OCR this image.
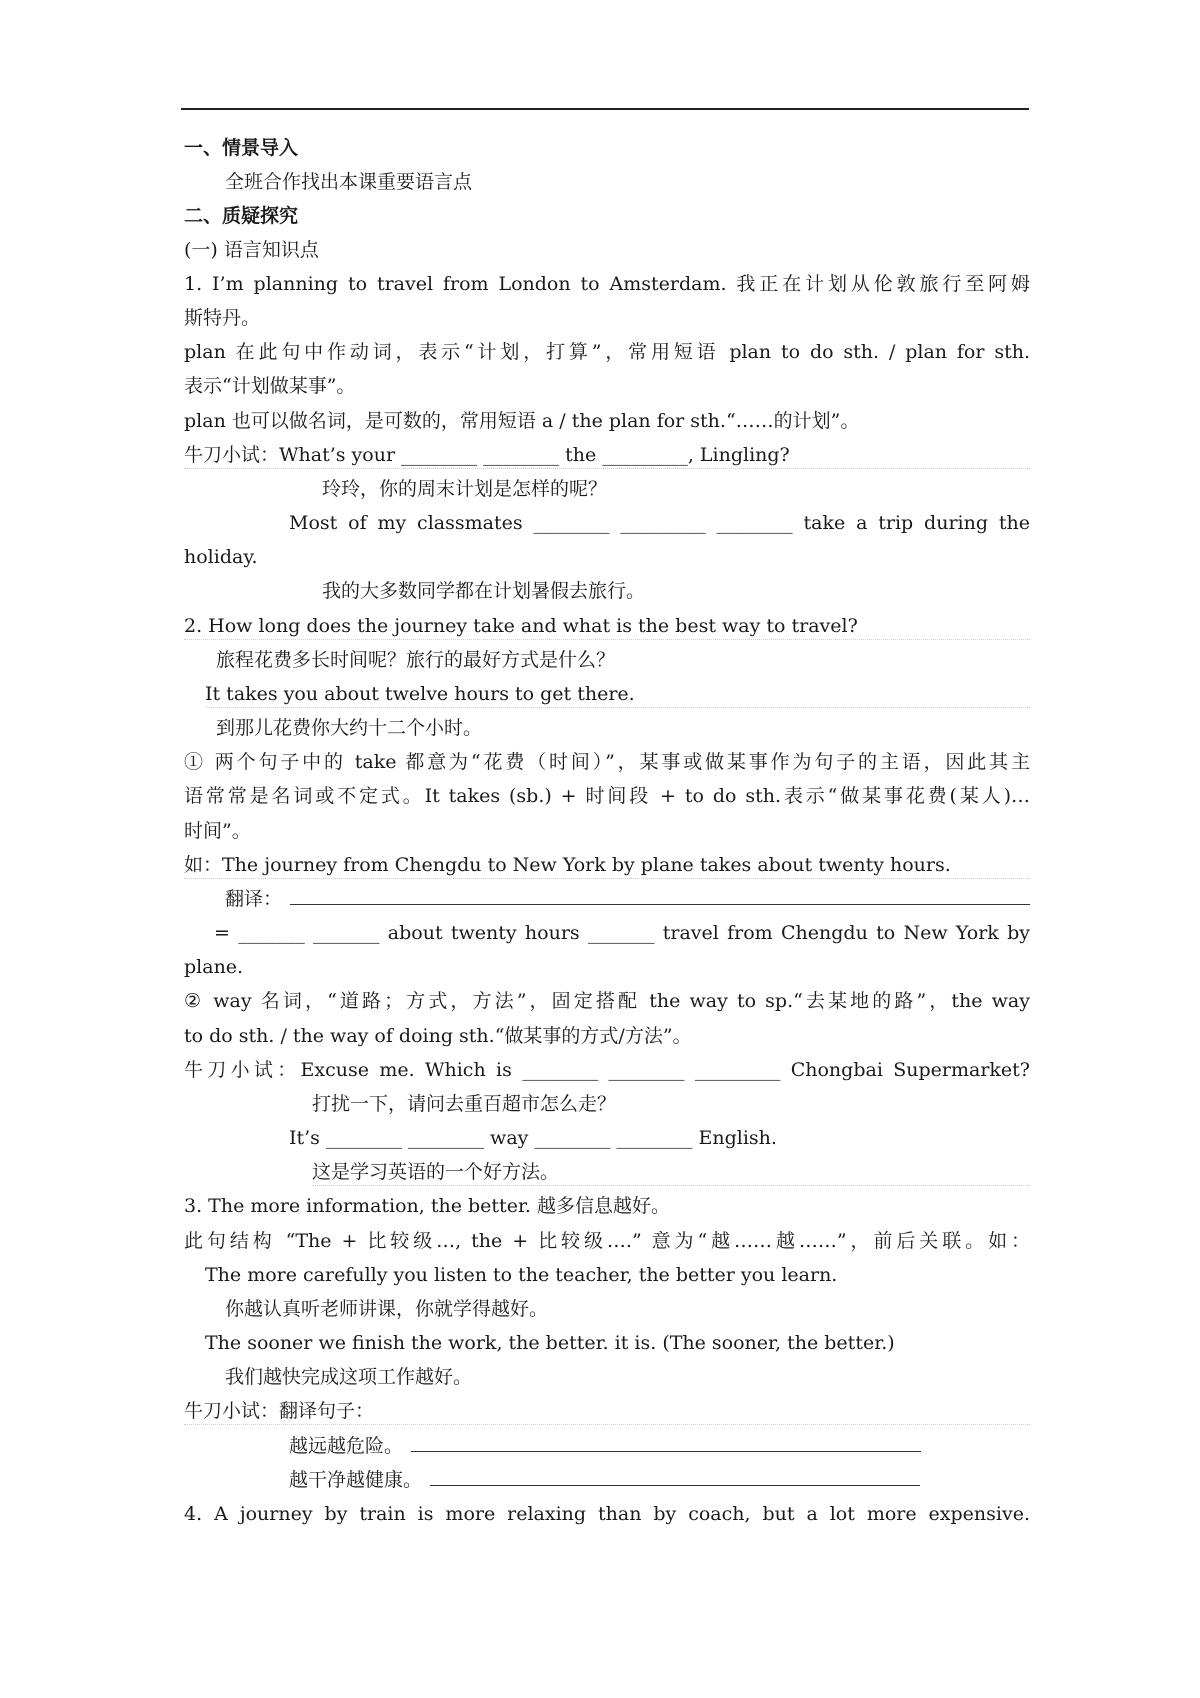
一、情景导入
全班合作找出本课重要语言点
二、质疑探究
(一) 语言知识点
1. I’m planning to travel from London to Amsterdam. 我正在计划从伦敦旅行至阿姆
斯特丹。
plan 在此句中作动词，表示“计划，打算”，常用短语 plan to do sth. / plan for sth.
表示“计划做某事”。
plan 也可以做名词，是可数的，常用短语 a / the plan for sth.“……的计划”。
牛刀小试：What’s your ________ ________ the _________, Lingling?
玲玲，你的周末计划是怎样的呢？
Most of my classmates ________ _________ ________ take a trip during the
holiday.
我的大多数同学都在计划暑假去旅行。
2. How long does the journey take and what is the best way to travel?
旅程花费多长时间呢？旅行的最好方式是什么？
It takes you about twelve hours to get there.
到那儿花费你大约十二个小时。
① 两个句子中的 take 都意为“花费（时间）”，某事或做某事作为句子的主语，因此其主
语常常是名词或不定式。It takes (sb.) + 时间段 + to do sth.表示“做某事花费(某人)…
时间”。
如：The journey from Chengdu to New York by plane takes about twenty hours.
翻译：
= _______ _______ about twenty hours _______ travel from Chengdu to New York by
plane.
② way 名词，“道路；方式，方法”，固定搭配 the way to sp.“去某地的路”，the way
to do sth. / the way of doing sth.“做某事的方式/方法”。
牛刀小试：Excuse me. Which is ________ ________ _________ Chongbai Supermarket?
打扰一下，请问去重百超市怎么走？
It’s ________ ________ way ________ ________ English.
这是学习英语的一个好方法。
3. The more information, the better. 越多信息越好。
此句结构 “The + 比较级…, the + 比较级….” 意为“越……越……”，前后关联。如：
The more carefully you listen to the teacher, the better you learn.
你越认真听老师讲课，你就学得越好。
The sooner we finish the work, the better. it is. (The sooner, the better.)
我们越快完成这项工作越好。
牛刀小试：翻译句子：
越远越危险。
越干净越健康。
4. A journey by train is more relaxing than by coach, but a lot more expensive.
